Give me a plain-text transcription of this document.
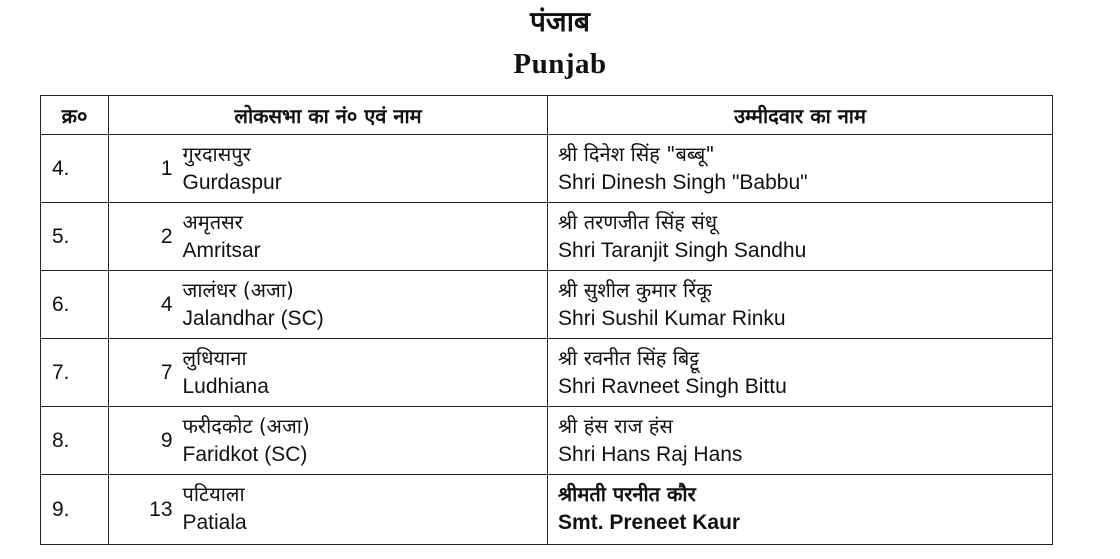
पंजाब
Punjab
क्र०	लोकसभा का नं० एवं नाम		उम्मीदवार का नाम
4.	1	गुरदासपुर
Gurdaspur	श्री दिनेश सिंह "बब्बू"
Shri Dinesh Singh "Babbu"

5.	2	अमृतसर
Amritsar	श्री तरणजीत सिंह संधू
Shri Taranjit Singh Sandhu

6.	4	जालंधर (अजा)
Jalandhar (SC)	श्री सुशील कुमार रिंकू
Shri Sushil Kumar Rinku

7.	7	लुधियाना
Ludhiana	श्री रवनीत सिंह बिट्टू
Shri Ravneet Singh Bittu

8.	9	फरीदकोट (अजा)
Faridkot (SC)	श्री हंस राज हंस
Shri Hans Raj Hans

9.	13	पटियाला
Patiala	श्रीमती परनीत कौर
Smt. Preneet Kaur
